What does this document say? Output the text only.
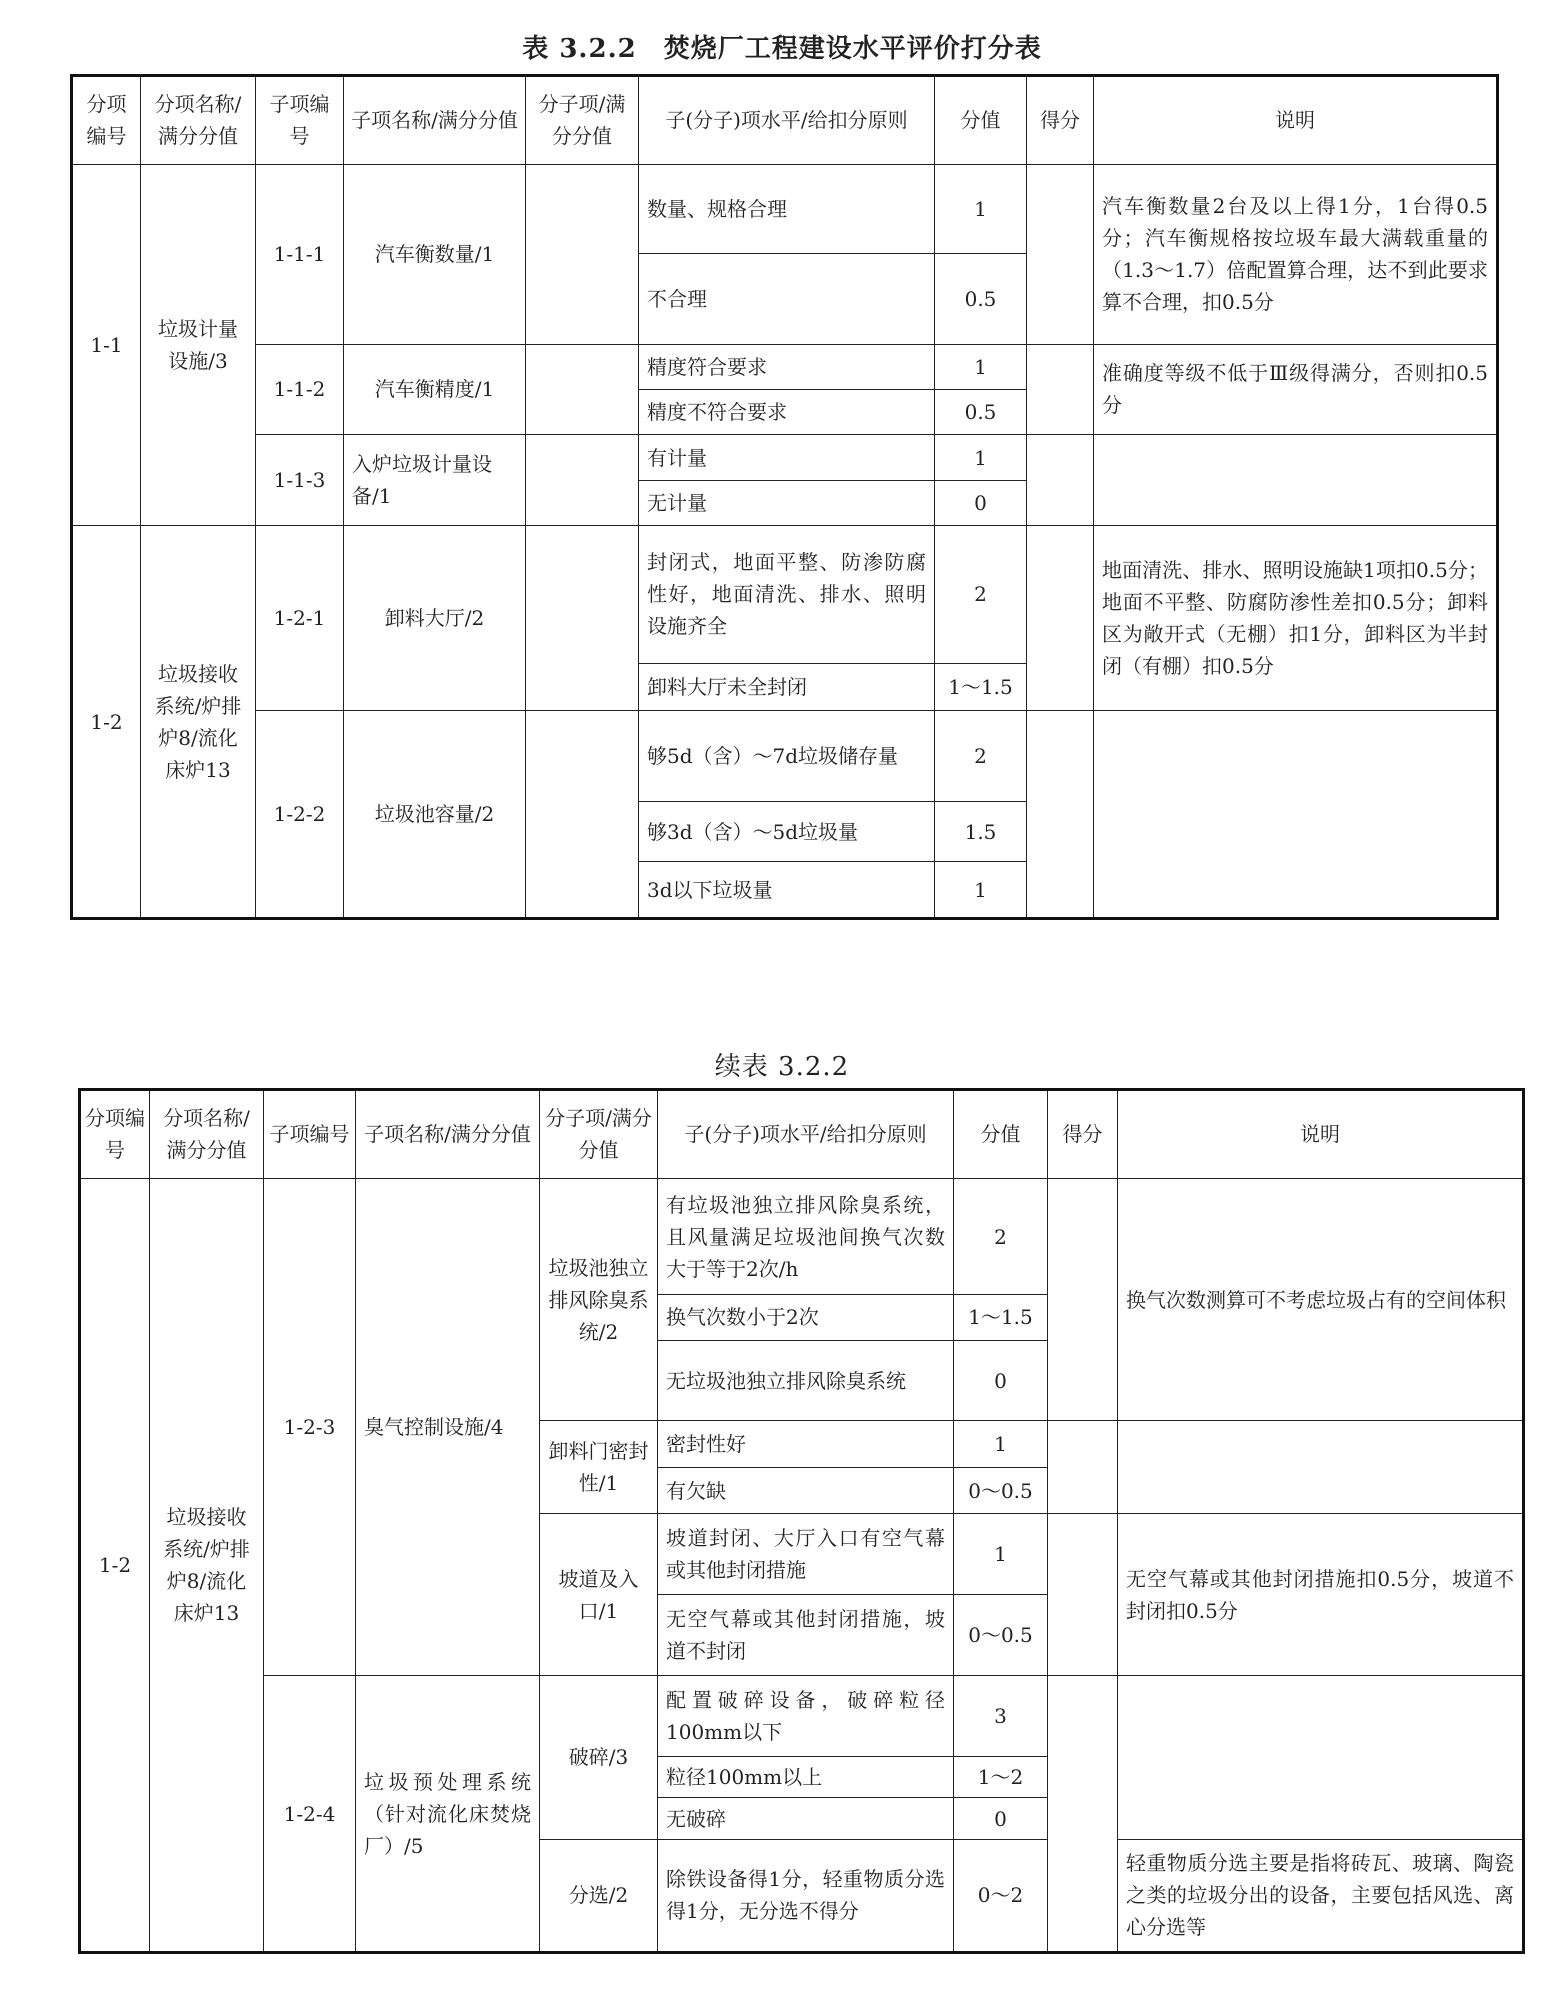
表 3.2.2　焚烧厂工程建设水平评价打分表
分项编号	分项名称/满分分值	子项编号	子项名称/满分分值	分子项/满分分值	子(分子)项水平/给扣分原则	分值	得分	说明
1-1	垃圾计量设施/3	1-1-1	汽车衡数量/1		数量、规格合理	1		汽车衡数量2台及以上得1分，1台得0.5分；汽车衡规格按垃圾车最大满载重量的（1.3～1.7）倍配置算合理，达不到此要求算不合理，扣0.5分
					不合理	0.5		
		1-1-2	汽车衡精度/1		精度符合要求	1		准确度等级不低于Ⅲ级得满分，否则扣0.5分
					精度不符合要求	0.5		
		1-1-3	入炉垃圾计量设备/1		有计量	1		
					无计量	0		
1-2	垃圾接收系统/炉排炉8/流化床炉13	1-2-1	卸料大厅/2		封闭式，地面平整、防渗防腐性好，地面清洗、排水、照明设施齐全	2		地面清洗、排水、照明设施缺1项扣0.5分；地面不平整、防腐防渗性差扣0.5分；卸料区为敞开式（无棚）扣1分，卸料区为半封闭（有棚）扣0.5分
					卸料大厅未全封闭	1～1.5		
		1-2-2	垃圾池容量/2		够5d（含）～7d垃圾储存量	2		
					够3d（含）～5d垃圾量	1.5		
					3d以下垃圾量	1		
续表 3.2.2
分项编号	分项名称/满分分值	子项编号	子项名称/满分分值	分子项/满分分值	子(分子)项水平/给扣分原则	分值	得分	说明
1-2	垃圾接收系统/炉排炉8/流化床炉13	1-2-3	臭气控制设施/4	垃圾池独立排风除臭系统/2	有垃圾池独立排风除臭系统，且风量满足垃圾池间换气次数大于等于2次/h	2		换气次数测算可不考虑垃圾占有的空间体积
					换气次数小于2次	1～1.5		
					无垃圾池独立排风除臭系统	0		
				卸料门密封性/1	密封性好	1		
					有欠缺	0～0.5		
				坡道及入口/1	坡道封闭、大厅入口有空气幕或其他封闭措施	1		无空气幕或其他封闭措施扣0.5分，坡道不封闭扣0.5分
					无空气幕或其他封闭措施，坡道不封闭	0～0.5		
		1-2-4	垃圾预处理系统（针对流化床焚烧厂）/5	破碎/3	配置破碎设备，破碎粒径100mm以下	3		
					粒径100mm以上	1～2		
					无破碎	0		
				分选/2	除铁设备得1分，轻重物质分选得1分，无分选不得分	0～2		轻重物质分选主要是指将砖瓦、玻璃、陶瓷之类的垃圾分出的设备，主要包括风选、离心分选等
